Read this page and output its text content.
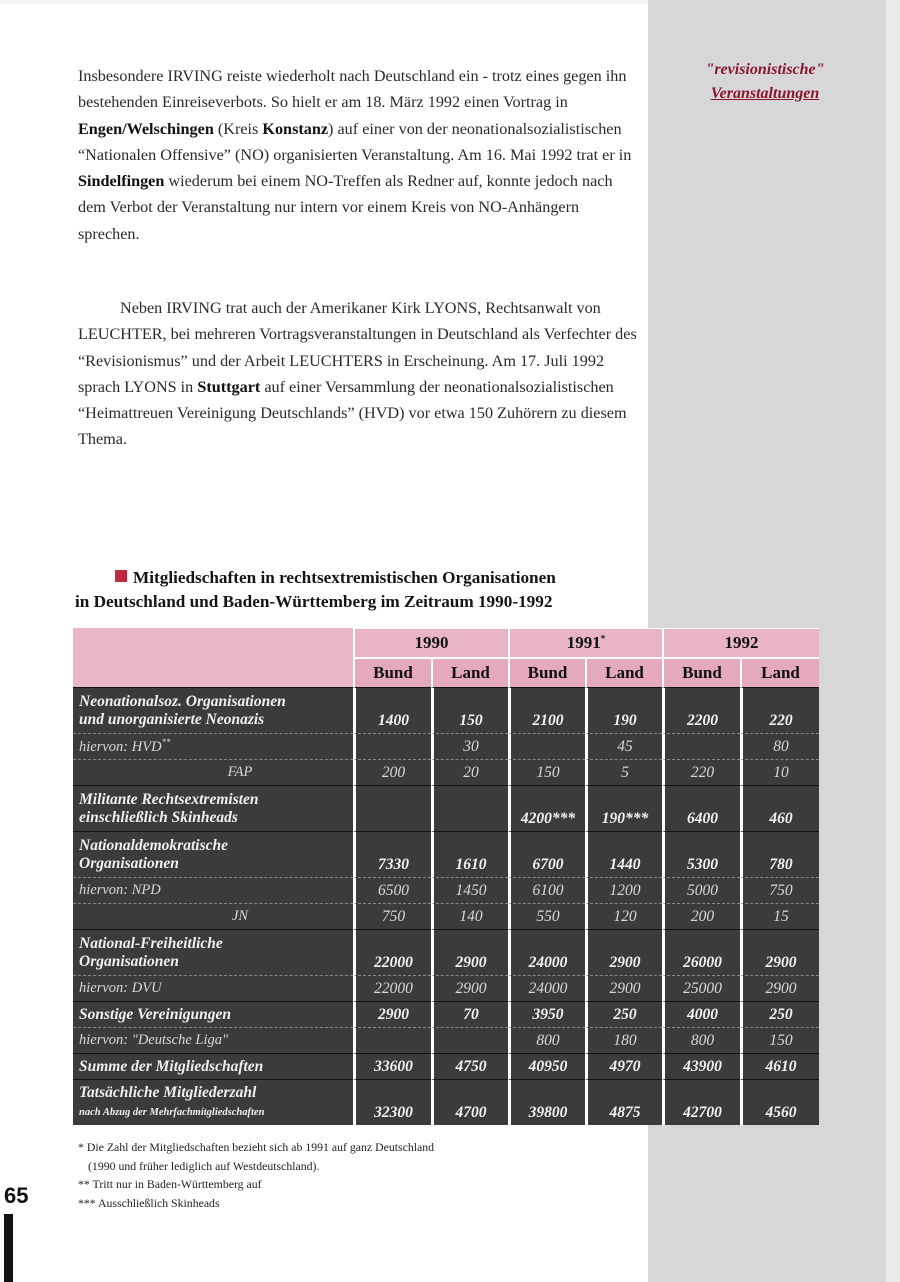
"revisionistische"
Veranstaltungen

Insbesondere IRVING reiste wiederholt nach Deutschland ein - trotz eines gegen ihn bestehenden Einreiseverbots. So hielt er am 18. März 1992 einen Vortrag in Engen/Welschingen (Kreis Konstanz) auf einer von der neonationalsozialistischen “Nationalen Offensive” (NO) organisierten Veranstaltung. Am 16. Mai 1992 trat er in Sindelfingen wiederum bei einem NO-Treffen als Redner auf, konnte jedoch nach dem Verbot der Veranstaltung nur intern vor einem Kreis von NO-Anhängern sprechen.

Neben IRVING trat auch der Amerikaner Kirk LYONS, Rechtsanwalt von LEUCHTER, bei mehreren Vortragsveranstaltungen in Deutschland als Verfechter des “Revisionismus” und der Arbeit LEUCHTERS in Erscheinung. Am 17. Juli 1992 sprach LYONS in Stuttgart auf einer Versammlung der neonationalsozialistischen “Heimattreuen Vereinigung Deutschlands” (HVD) vor etwa 150 Zuhörern zu diesem Thema.

Mitgliedschaften in rechtsextremistischen Organisationen
in Deutschland und Baden-Württemberg im Zeitraum 1990-1992

	1990		1991*		1992	
	Bund	Land	Bund	Land	Bund	Land
Neonationalsoz. Organisationen
und unorganisierte Neonazis	1400	150	2100	190	2200	220
hiervon: HVD**		30		45		80
FAP	200	20	150	5	220	10
Militante Rechtsextremisten
einschließlich Skinheads			4200***	190***	6400	460
Nationaldemokratische
Organisationen	7330	1610	6700	1440	5300	780
hiervon: NPD	6500	1450	6100	1200	5000	750
JN	750	140	550	120	200	15
National-Freiheitliche
Organisationen	22000	2900	24000	2900	26000	2900
hiervon: DVU	22000	2900	24000	2900	25000	2900
Sonstige Vereinigungen	2900	70	3950	250	4000	250
hiervon: "Deutsche Liga"			800	180	800	150
Summe der Mitgliedschaften	33600	4750	40950	4970	43900	4610
Tatsächliche Mitgliederzahl
nach Abzug der Mehrfachmitgliedschaften	32300	4700	39800	4875	42700	4560
* Die Zahl der Mitgliedschaften bezieht sich ab 1991 auf ganz Deutschland
(1990 und früher lediglich auf Westdeutschland).
** Tritt nur in Baden-Württemberg auf
*** Ausschließlich Skinheads
65
